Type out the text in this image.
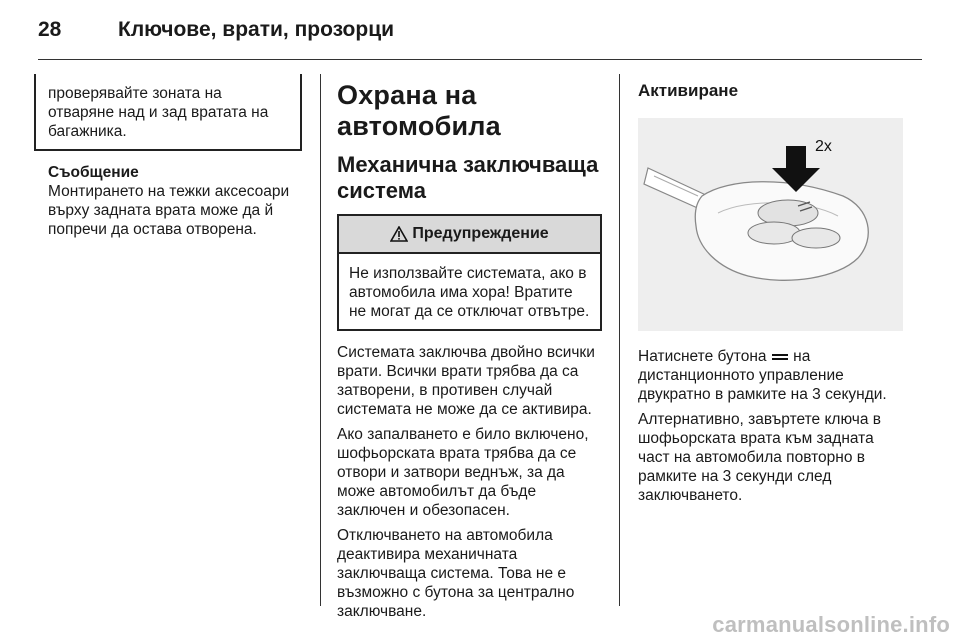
28	Ключове, врати, прозорци

проверявайте зоната на отваряне над и зад вратата на багажника.

Съобщение

Монтирането на тежки аксесоари върху задната врата може да й попречи да остава отворена.

Охрана на автомобила
Механична заключваща система
Предупреждение

Не използвайте системата, ако в автомобила има хора! Вратите не могат да се отключат отвътре.

Системата заключва двойно всички врати. Всички врати трябва да са затворени, в противен случай системата не може да се активира.

Ако запалването е било включено, шофьорската врата трябва да се отвори и затвори веднъж, за да може автомобилът да бъде заключен и обезопасен.

Отключването на автомобила деактивира механичната заключваща система. Това не е възможно с бутона за централно заключване.

Активиране
2x

Натиснете бутона на дистанционното управление двукратно в рамките на 3 секунди.

Алтернативно, завъртете ключа в шофьорската врата към задната част на автомобила повторно в рамките на 3 секунди след заключването.

carmanualsonline.info
